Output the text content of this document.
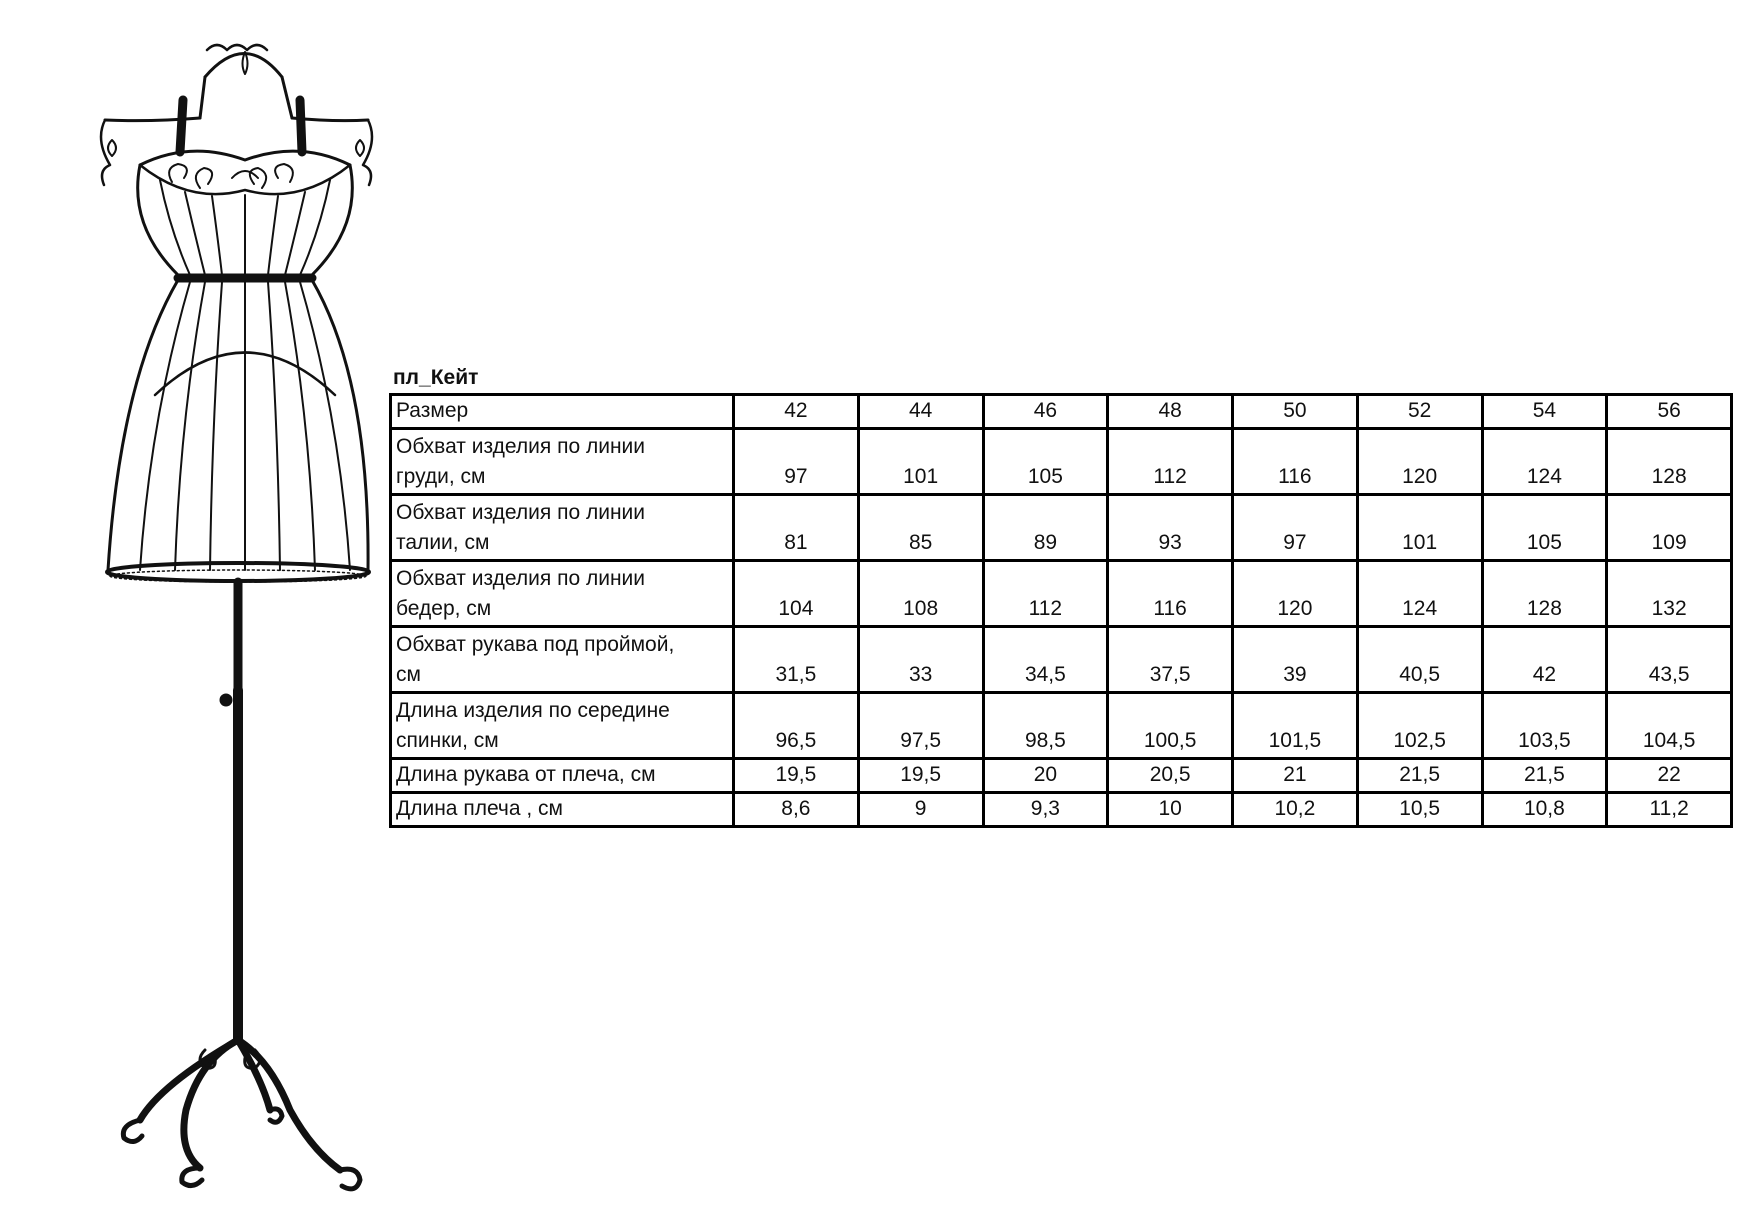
пл_Кейт
Размер	42	44	46	48	50	52	54	56

Обхват изделия по линии
груди, см	97	101	105	112	116	120	124	128

Обхват изделия по линии
талии, см	81	85	89	93	97	101	105	109

Обхват изделия по линии
бедер, см	104	108	112	116	120	124	128	132

Обхват рукава под проймой,
см	31,5	33	34,5	37,5	39	40,5	42	43,5

Длина изделия по середине
спинки, см	96,5	97,5	98,5	100,5	101,5	102,5	103,5	104,5

Длина рукава от плеча, см	19,5	19,5	20	20,5	21	21,5	21,5	22

Длина плеча , см	8,6	9	9,3	10	10,2	10,5	10,8	11,2
